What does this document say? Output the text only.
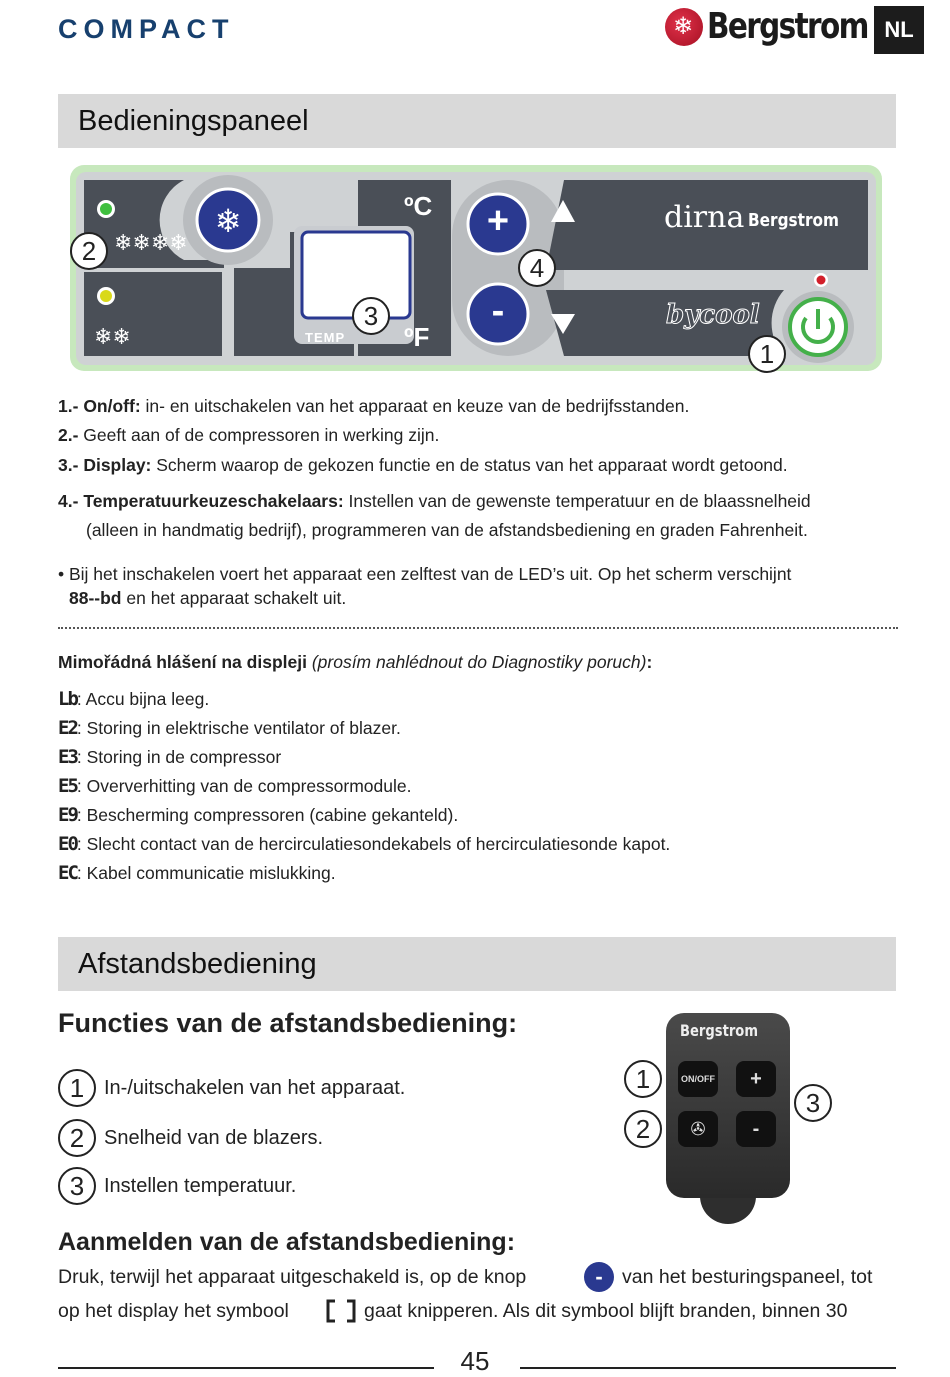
COMPACT
❄	Bergstrom NL
Bedieningspaneel
❄
❄❄❄❄
❄❄
ºC
ºF
TEMP
+
-
dirna Bergstrom
bycool
2
3
4
1
1.- On/off: in- en uitschakelen van het apparaat en keuze van de bedrijfsstanden.
2.- Geeft aan of de compressoren in werking zijn.
3.- Display: Scherm waarop de gekozen functie en de status van het apparaat wordt getoond.
4.- Temperatuurkeuzeschakelaars: Instellen van de gewenste temperatuur en de blaassnelheid
(alleen in handmatig bedrijf), programmeren van de afstandsbediening en graden Fahrenheit.
• Bij het inschakelen voert het apparaat een zelftest van de LED’s uit. Op het scherm verschijnt
88--bd en het apparaat schakelt uit.
Mimořádná hlášení na displeji (prosím nahlédnout do Diagnostiky poruch):
Lb : Accu bijna leeg.
E2 : Storing in elektrische ventilator of blazer.
E3 : Storing in de compressor
E5 : Oververhitting van de compressormodule.
E9 : Bescherming compressoren (cabine gekanteld).
E0 : Slecht contact van de hercirculatiesondekabels of hercirculatiesonde kapot.
EC : Kabel communicatie mislukking.
Afstandsbediening
Functies van de afstandsbediening:
1 In-/uitschakelen van het apparaat.
2 Snelheid van de blazers.
3 Instellen temperatuur.
Bergstrom
ON/OFF	+
✇	-
1
2
3
Aanmelden van de afstandsbediening:
Druk, terwijl het apparaat uitgeschakeld is, op de knop	- van het besturingspaneel, tot
op het display het symbool	gaat knipperen. Als dit symbool blijft branden, binnen 30
45
